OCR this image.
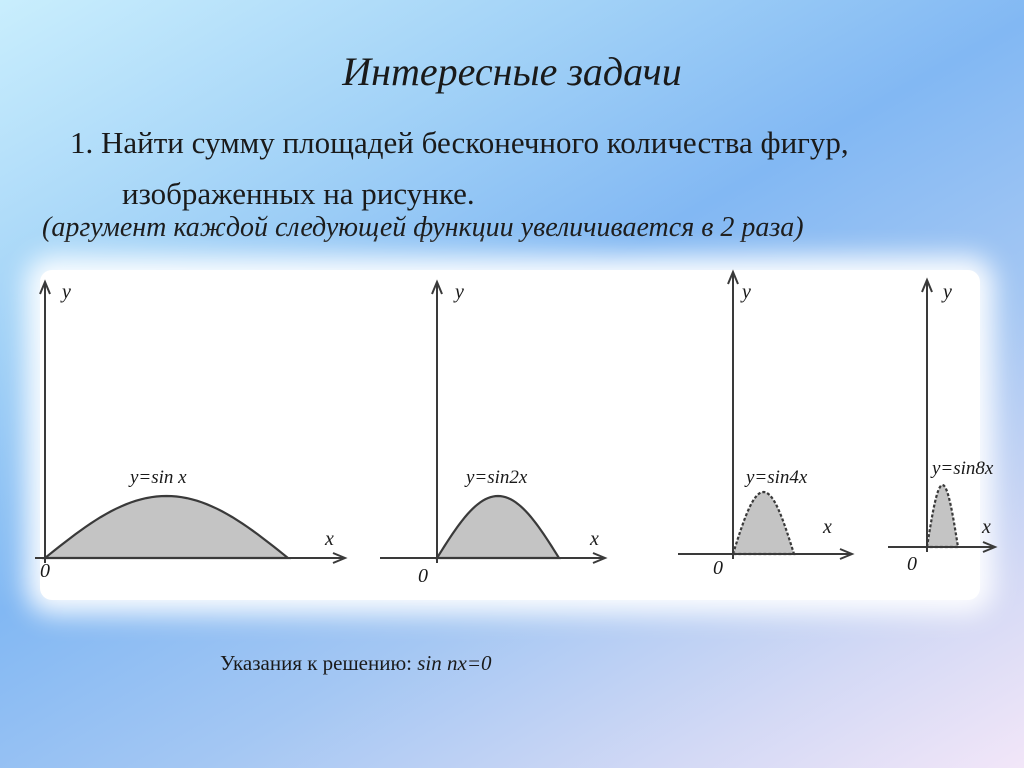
Интересные задачи
1. Найти сумму площадей бесконечного количества фигур,
изображенных на рисунке.
(аргумент каждой следующей функции увеличивается в 2 раза)
y
x
0
y=sin x
y
x
0
y=sin2x
y
x
0
y=sin4x
y
x
0
y=sin8x
Указания к решению: sin nx=0
